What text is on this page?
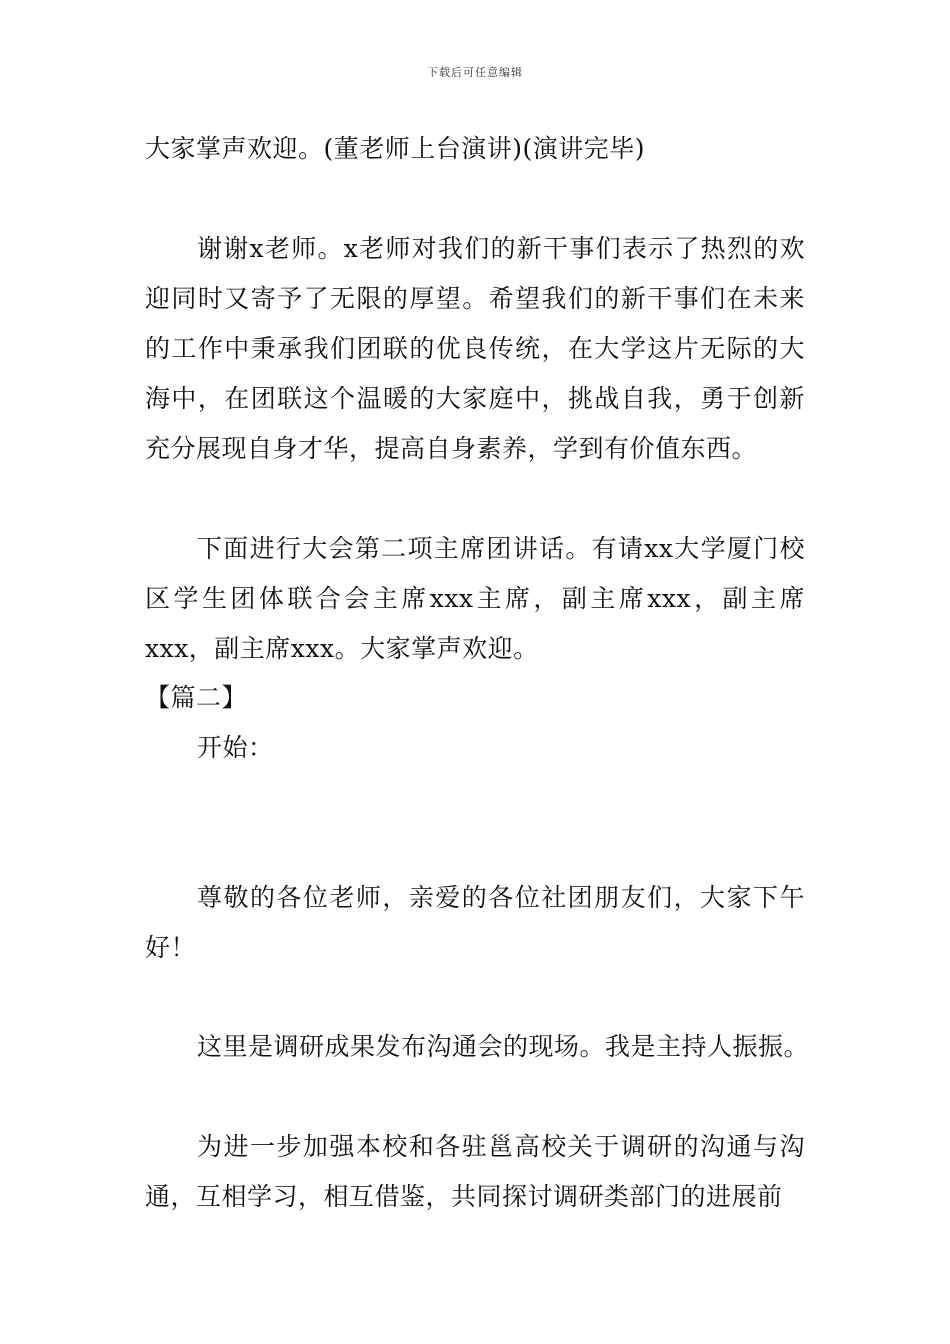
下载后可任意编辑

大家掌声欢迎。(董老师上台演讲)(演讲完毕)

谢谢x老师。x老师对我们的新干事们表示了热烈的欢迎同时又寄予了无限的厚望。希望我们的新干事们在未来的工作中秉承我们团联的优良传统，在大学这片无际的大海中，在团联这个温暖的大家庭中，挑战自我，勇于创新充分展现自身才华，提高自身素养，学到有价值东西。

下面进行大会第二项主席团讲话。有请xx大学厦门校区学生团体联合会主席xxx主席，副主席xxx，副主席xxx，副主席xxx。大家掌声欢迎。

【篇二】

开始：

尊敬的各位老师，亲爱的各位社团朋友们，大家下午好！

这里是调研成果发布沟通会的现场。我是主持人振振。

为进一步加强本校和各驻邕高校关于调研的沟通与沟通，互相学习，相互借鉴，共同探讨调研类部门的进展前
